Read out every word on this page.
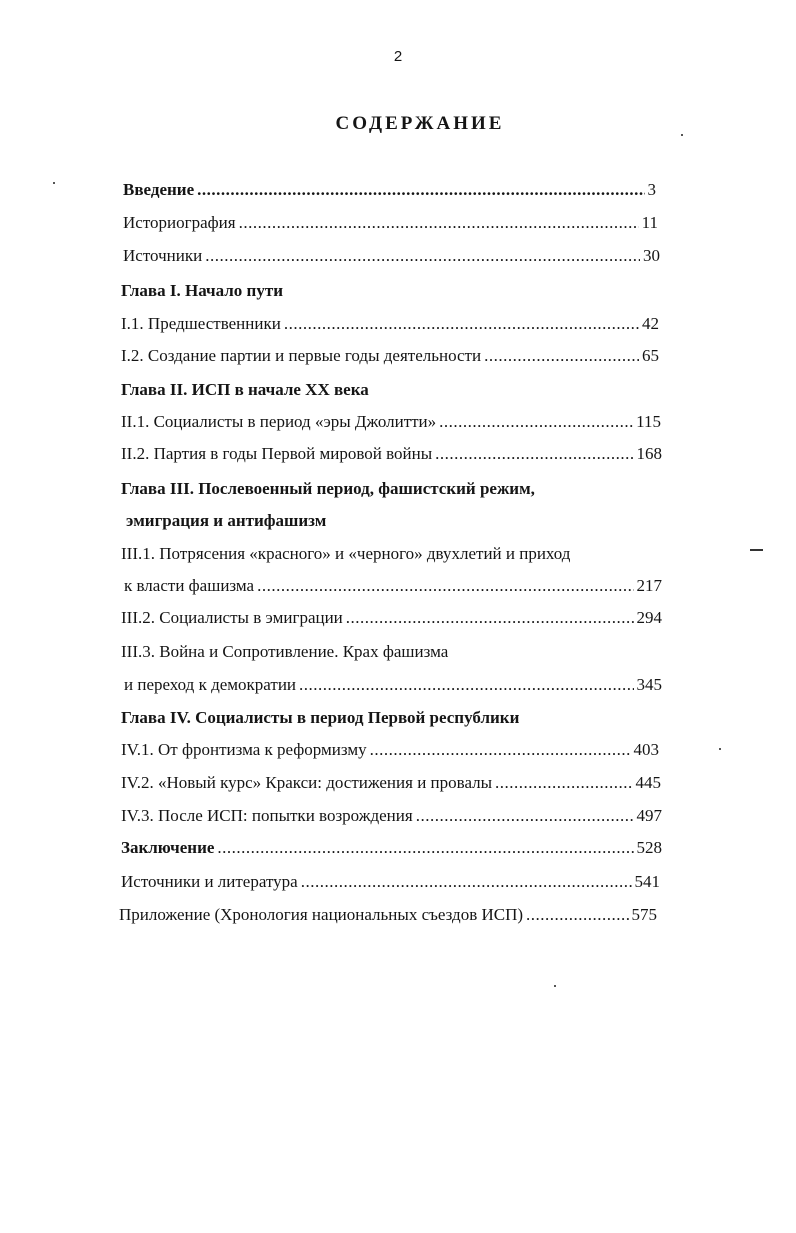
2
СОДЕРЖАНИЕ
Введение .....	3
Историография .....	11
Источники .....	30
Глава I. Начало пути
I.1. Предшественники .....	42
I.2. Создание партии и первые годы деятельности .....	65
Глава II. ИСП в начале XX века
II.1. Социалисты в период «эры Джолитти» .....	115
II.2. Партия в годы Первой мировой войны .....	168
Глава III. Послевоенный период, фашистский режим,
эмиграция и антифашизм
III.1. Потрясения «красного» и «черного» двухлетий и приход
к власти фашизма .....	217
III.2. Социалисты в эмиграции .....	294
III.3. Война и Сопротивление. Крах фашизма
и переход к демократии .....	345
Глава IV. Социалисты в период Первой республики
IV.1. От фронтизма к реформизму .....	403
IV.2. «Новый курс» Кракси: достижения и провалы .....	445
IV.3. После ИСП: попытки возрождения .....	497
Заключение .....	528
Источники и литература .....	541
Приложение (Хронология национальных съездов ИСП) .....	575
